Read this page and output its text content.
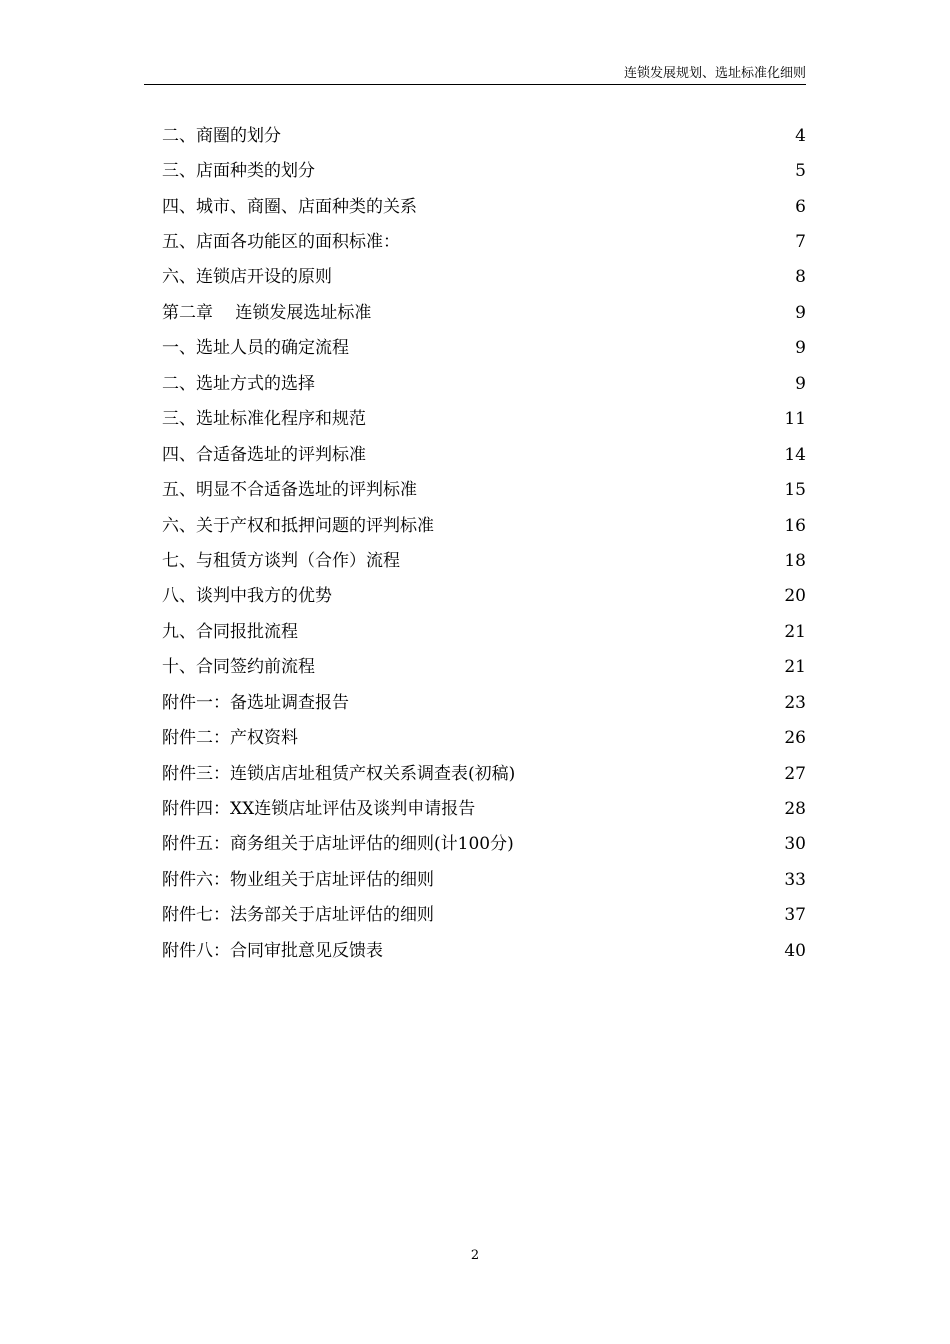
连锁发展规划、选址标准化细则
二、商圈的划分	4
三、店面种类的划分	5
四、城市、商圈、店面种类的关系	6
五、店面各功能区的面积标准：	7
六、连锁店开设的原则	8
第二章　 连锁发展选址标准	9
一、选址人员的确定流程	9
二、选址方式的选择	9
三、选址标准化程序和规范	11
四、合适备选址的评判标准	14
五、明显不合适备选址的评判标准	15
六、关于产权和抵押问题的评判标准	16
七、与租赁方谈判（合作）流程	18
八、谈判中我方的优势	20
九、合同报批流程	21
十、合同签约前流程	21
附件一：备选址调查报告	23
附件二：产权资料	26
附件三：连锁店店址租赁产权关系调查表(初稿)	27
附件四：XX连锁店址评估及谈判申请报告	28
附件五：商务组关于店址评估的细则(计100分)	30
附件六：物业组关于店址评估的细则	33
附件七：法务部关于店址评估的细则	37
附件八：合同审批意见反馈表	40
2
